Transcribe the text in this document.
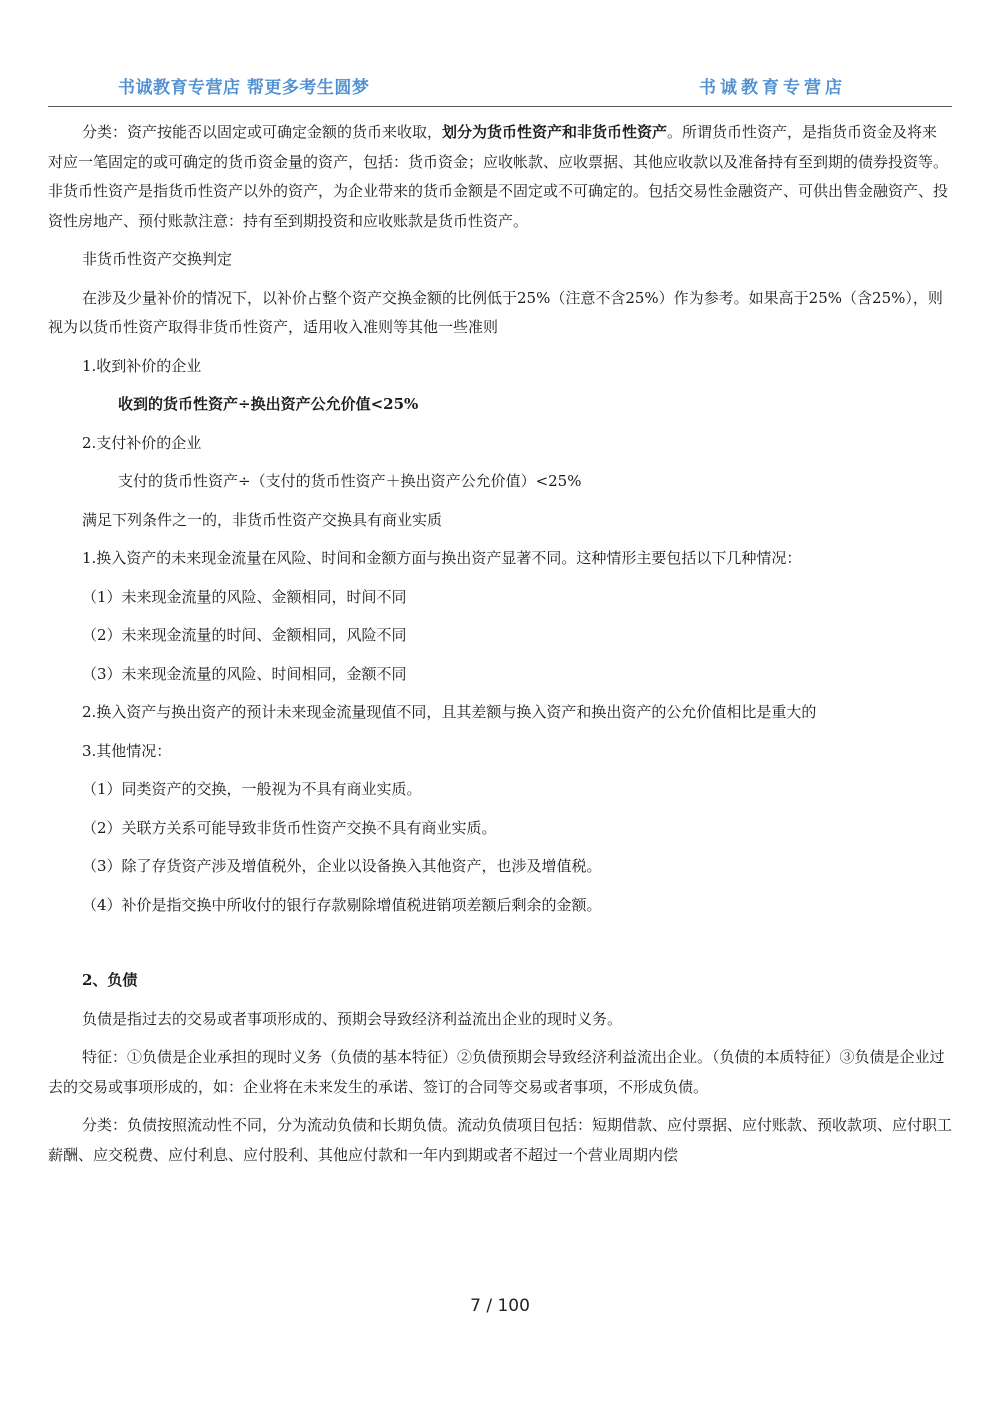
书诚教育专营店 帮更多考生圆梦	书诚教育专营店

分类：资产按能否以固定或可确定金额的货币来收取，划分为货币性资产和非货币性资产。所谓货币性资产，是指货币资金及将来对应一笔固定的或可确定的货币资金量的资产，包括：货币资金；应收帐款、应收票据、其他应收款以及准备持有至到期的债券投资等。非货币性资产是指货币性资产以外的资产，为企业带来的货币金额是不固定或不可确定的。包括交易性金融资产、可供出售金融资产、投资性房地产、预付账款注意：持有至到期投资和应收账款是货币性资产。

非货币性资产交换判定

在涉及少量补价的情况下，以补价占整个资产交换金额的比例低于25%（注意不含25%）作为参考。如果高于25%（含25%），则视为以货币性资产取得非货币性资产，适用收入准则等其他一些准则

1.收到补价的企业

收到的货币性资产÷换出资产公允价值<25%

2.支付补价的企业

支付的货币性资产÷（支付的货币性资产＋换出资产公允价值）<25%

满足下列条件之一的，非货币性资产交换具有商业实质

1.换入资产的未来现金流量在风险、时间和金额方面与换出资产显著不同。这种情形主要包括以下几种情况：

（1）未来现金流量的风险、金额相同，时间不同

（2）未来现金流量的时间、金额相同，风险不同

（3）未来现金流量的风险、时间相同，金额不同

2.换入资产与换出资产的预计未来现金流量现值不同，且其差额与换入资产和换出资产的公允价值相比是重大的

3.其他情况：

（1）同类资产的交换，一般视为不具有商业实质。

（2）关联方关系可能导致非货币性资产交换不具有商业实质。

（3）除了存货资产涉及增值税外，企业以设备换入其他资产，也涉及增值税。

（4）补价是指交换中所收付的银行存款剔除增值税进销项差额后剩余的金额。

2、负债

负债是指过去的交易或者事项形成的、预期会导致经济利益流出企业的现时义务。

特征：①负债是企业承担的现时义务（负债的基本特征）②负债预期会导致经济利益流出企业。（负债的本质特征）③负债是企业过去的交易或事项形成的，如：企业将在未来发生的承诺、签订的合同等交易或者事项，不形成负债。

分类：负债按照流动性不同，分为流动负债和长期负债。流动负债项目包括：短期借款、应付票据、应付账款、预收款项、应付职工薪酬、应交税费、应付利息、应付股利、其他应付款和一年内到期或者不超过一个营业周期内偿

7 / 100
